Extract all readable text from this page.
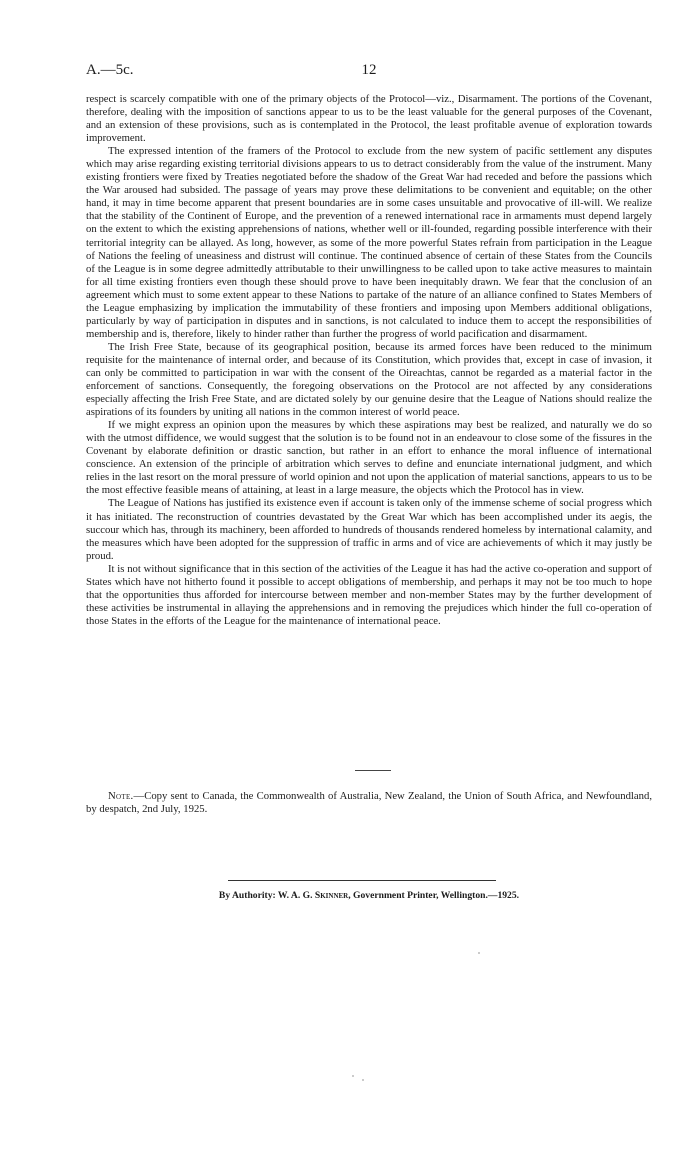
A.—5c.	12

respect is scarcely compatible with one of the primary objects of the Protocol—viz., Disarmament. The portions of the Covenant, therefore, dealing with the imposition of sanctions appear to us to be the least valuable for the general purposes of the Covenant, and an extension of these provisions, such as is contemplated in the Protocol, the least profitable avenue of exploration towards improvement.

The expressed intention of the framers of the Protocol to exclude from the new system of pacific settlement any disputes which may arise regarding existing territorial divisions appears to us to detract considerably from the value of the instrument. Many existing frontiers were fixed by Treaties negotiated before the shadow of the Great War had receded and before the passions which the War aroused had subsided. The passage of years may prove these delimitations to be convenient and equitable; on the other hand, it may in time become apparent that present boundaries are in some cases unsuitable and provocative of ill-will. We realize that the stability of the Continent of Europe, and the prevention of a renewed international race in armaments must depend largely on the extent to which the existing apprehensions of nations, whether well or ill-founded, regarding possible interference with their territorial integrity can be allayed. As long, however, as some of the more powerful States refrain from participation in the League of Nations the feeling of uneasiness and distrust will continue. The continued absence of certain of these States from the Councils of the League is in some degree admittedly attributable to their unwillingness to be called upon to take active measures to maintain for all time existing frontiers even though these should prove to have been inequitably drawn. We fear that the conclusion of an agreement which must to some extent appear to these Nations to partake of the nature of an alliance confined to States Members of the League emphasizing by implication the immutability of these frontiers and imposing upon Members additional obligations, particularly by way of participation in disputes and in sanctions, is not calculated to induce them to accept the responsibilities of membership and is, therefore, likely to hinder rather than further the progress of world pacification and disarmament.

The Irish Free State, because of its geographical position, because its armed forces have been reduced to the minimum requisite for the maintenance of internal order, and because of its Constitution, which provides that, except in case of invasion, it can only be committed to participation in war with the consent of the Oireachtas, cannot be regarded as a material factor in the enforcement of sanctions. Consequently, the foregoing observations on the Protocol are not affected by any considerations especially affecting the Irish Free State, and are dictated solely by our genuine desire that the League of Nations should realize the aspirations of its founders by uniting all nations in the common interest of world peace.

If we might express an opinion upon the measures by which these aspirations may best be realized, and naturally we do so with the utmost diffidence, we would suggest that the solution is to be found not in an endeavour to close some of the fissures in the Covenant by elaborate definition or drastic sanction, but rather in an effort to enhance the moral influence of international conscience. An extension of the principle of arbitration which serves to define and enunciate international judgment, and which relies in the last resort on the moral pressure of world opinion and not upon the application of material sanctions, appears to us to be the most effective feasible means of attaining, at least in a large measure, the objects which the Protocol has in view.

The League of Nations has justified its existence even if account is taken only of the immense scheme of social progress which it has initiated. The reconstruction of countries devastated by the Great War which has been accomplished under its aegis, the succour which has, through its machinery, been afforded to hundreds of thousands rendered homeless by international calamity, and the measures which have been adopted for the suppression of traffic in arms and of vice are achievements of which it may justly be proud.

It is not without significance that in this section of the activities of the League it has had the active co-operation and support of States which have not hitherto found it possible to accept obligations of membership, and perhaps it may not be too much to hope that the opportunities thus afforded for intercourse between member and non-member States may by the further development of these activities be instrumental in allaying the apprehensions and in removing the prejudices which hinder the full co-operation of those States in the efforts of the League for the maintenance of international peace.

Note.—Copy sent to Canada, the Commonwealth of Australia, New Zealand, the Union of South Africa, and Newfoundland, by despatch, 2nd July, 1925.

By Authority: W. A. G. Skinner, Government Printer, Wellington.—1925.
